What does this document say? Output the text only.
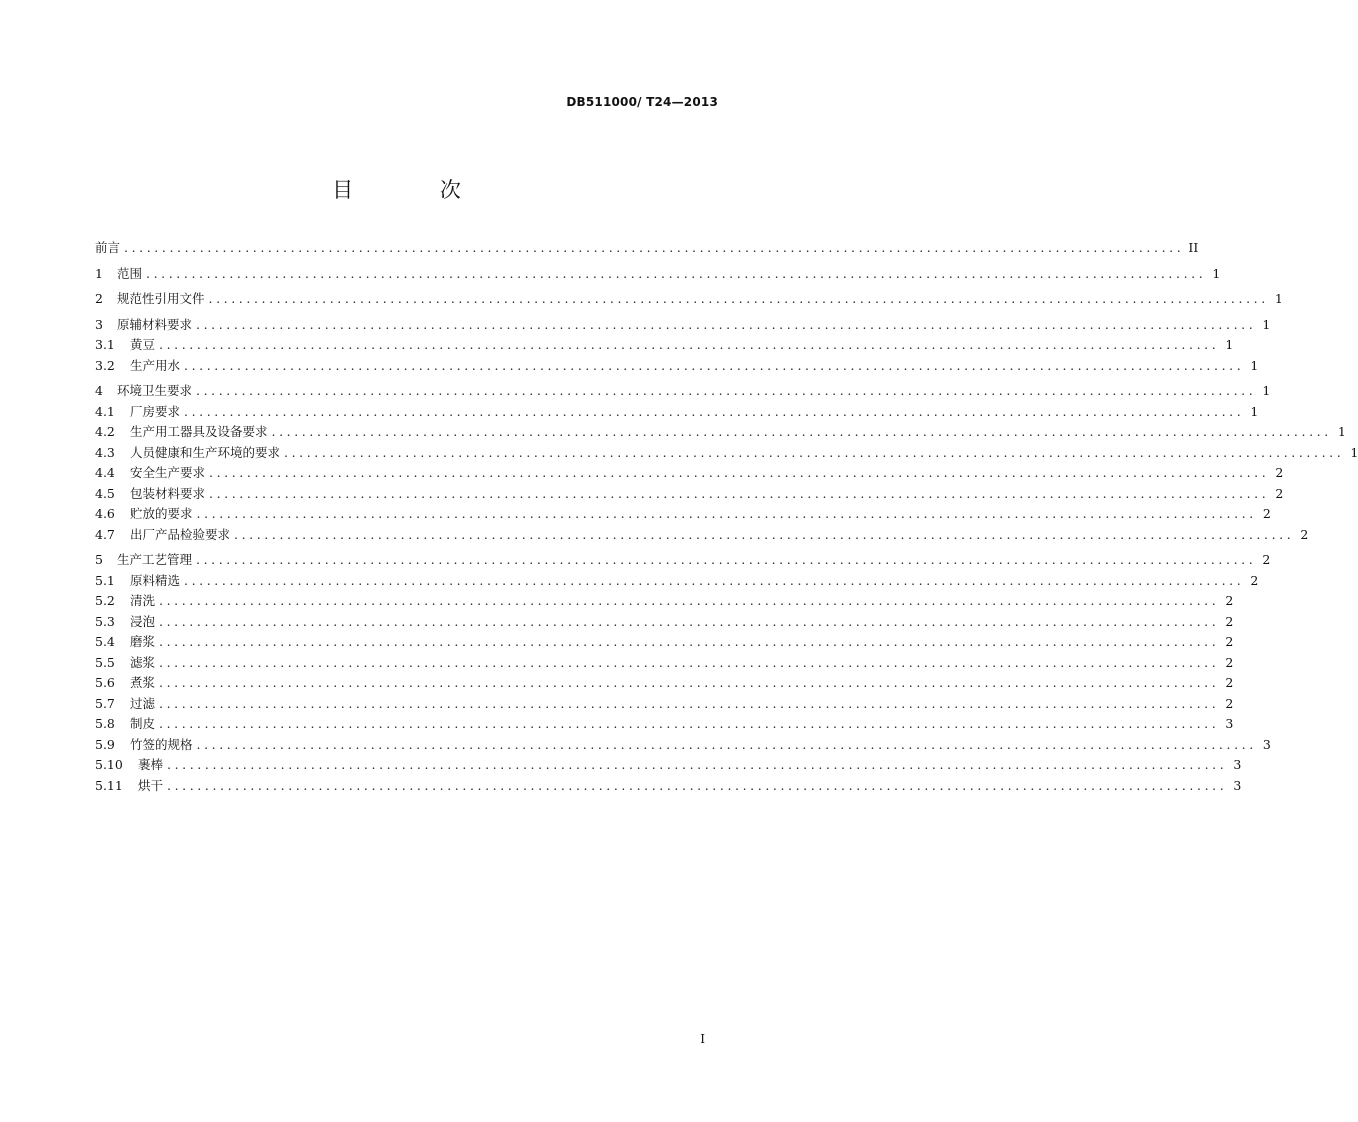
DB511000/ T24—2013
目 次
前言 ............................................................................................................................................ II
1	范围 ............................................................................................................................................ 1
2	规范性引用文件 ............................................................................................................................................ 1
3	原辅材料要求 ............................................................................................................................................ 1
3.1	黄豆 ............................................................................................................................................ 1
3.2	生产用水 ............................................................................................................................................ 1
4	环境卫生要求 ............................................................................................................................................ 1
4.1	厂房要求 ............................................................................................................................................ 1
4.2	生产用工器具及设备要求 ............................................................................................................................................ 1
4.3	人员健康和生产环境的要求 ............................................................................................................................................ 1
4.4	安全生产要求 ............................................................................................................................................ 2
4.5	包装材料要求 ............................................................................................................................................ 2
4.6	贮放的要求 ............................................................................................................................................ 2
4.7	出厂产品检验要求 ............................................................................................................................................ 2
5	生产工艺管理 ............................................................................................................................................ 2
5.1	原料精选 ............................................................................................................................................ 2
5.2	清洗 ............................................................................................................................................ 2
5.3	浸泡 ............................................................................................................................................ 2
5.4	磨浆 ............................................................................................................................................ 2
5.5	滤浆 ............................................................................................................................................ 2
5.6	煮浆 ............................................................................................................................................ 2
5.7	过滤 ............................................................................................................................................ 2
5.8	制皮 ............................................................................................................................................ 3
5.9	竹签的规格 ............................................................................................................................................ 3
5.10	裹棒 ............................................................................................................................................ 3
5.11	烘干 ............................................................................................................................................ 3
I
